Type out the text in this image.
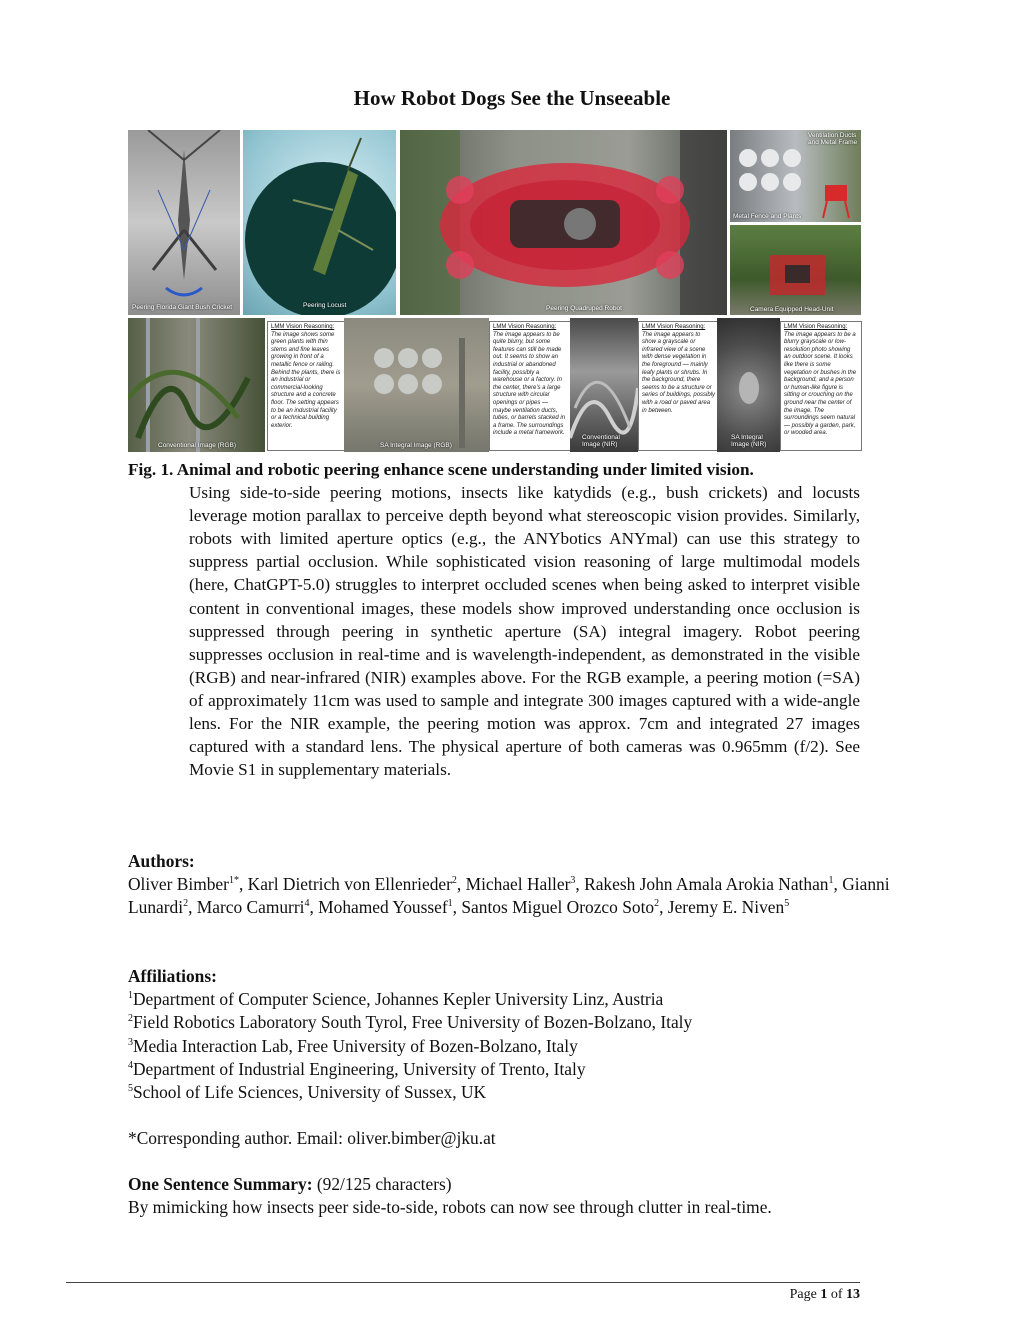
How Robot Dogs See the Unseeable
Peering Florida Giant Bush Cricket	Peering Locust	Peering Quadruped Robot
Ventilation Ducts and Metal Frame
Metal Fence and Plants
Camera Equipped Head-Unit
Conventional Image (RGB)
LMM Vision Reasoning:
The image shows some green plants with thin stems and fine leaves growing in front of a metallic fence or railing. Behind the plants, there is an industrial or commercial-looking structure and a concrete floor. The setting appears to be an industrial facility or a technical building exterior.
SA Integral Image (RGB)
LMM Vision Reasoning:
The image appears to be quite blurry, but some features can still be made out. It seems to show an industrial or abandoned facility, possibly a warehouse or a factory. In the center, there's a large structure with circular openings or pipes — maybe ventilation ducts, tubes, or barrels stacked in a frame. The surroundings include a metal framework.
Conventional Image (NIR)
LMM Vision Reasoning:
The image appears to show a grayscale or infrared view of a scene with dense vegetation in the foreground — mainly leafy plants or shrubs. In the background, there seems to be a structure or series of buildings, possibly with a road or paved area in between.
SA Integral Image (NIR)
LMM Vision Reasoning:
The image appears to be a blurry grayscale or low-resolution photo showing an outdoor scene. It looks like there is some vegetation or bushes in the background, and a person or human-like figure is sitting or crouching on the ground near the center of the image. The surroundings seem natural — possibly a garden, park, or wooded area.
Fig. 1. Animal and robotic peering enhance scene understanding under limited vision.
Using side-to-side peering motions, insects like katydids (e.g., bush crickets) and locusts leverage motion parallax to perceive depth beyond what stereoscopic vision provides. Similarly, robots with limited aperture optics (e.g., the ANYbotics ANYmal) can use this strategy to suppress partial occlusion. While sophisticated vision reasoning of large multimodal models (here, ChatGPT-5.0) struggles to interpret occluded scenes when being asked to interpret visible content in conventional images, these models show improved understanding once occlusion is suppressed through peering in synthetic aperture (SA) integral imagery. Robot peering suppresses occlusion in real-time and is wavelength-independent, as demonstrated in the visible (RGB) and near-infrared (NIR) examples above. For the RGB example, a peering motion (=SA) of approximately 11cm was used to sample and integrate 300 images captured with a wide-angle lens. For the NIR example, the peering motion was approx. 7cm and integrated 27 images captured with a standard lens. The physical aperture of both cameras was 0.965mm (f/2). See Movie S1 in supplementary materials.
Authors:
Oliver Bimber$^{1*}$, Karl Dietrich von Ellenrieder$^2$, Michael Haller$^3$, Rakesh John Amala Arokia Nathan$^1$, Gianni Lunardi$^2$, Marco Camurri$^4$, Mohamed Youssef$^1$, Santos Miguel Orozco Soto$^2$, Jeremy E. Niven$^5$
Affiliations:
$^1$Department of Computer Science, Johannes Kepler University Linz, Austria
$^2$Field Robotics Laboratory South Tyrol, Free University of Bozen-Bolzano, Italy
$^3$Media Interaction Lab, Free University of Bozen-Bolzano, Italy
$^4$Department of Industrial Engineering, University of Trento, Italy
$^5$School of Life Sciences, University of Sussex, UK
*Corresponding author. Email: oliver.bimber@jku.at
One Sentence Summary: (92/125 characters)
By mimicking how insects peer side-to-side, robots can now see through clutter in real-time.
Page 1 of 13
